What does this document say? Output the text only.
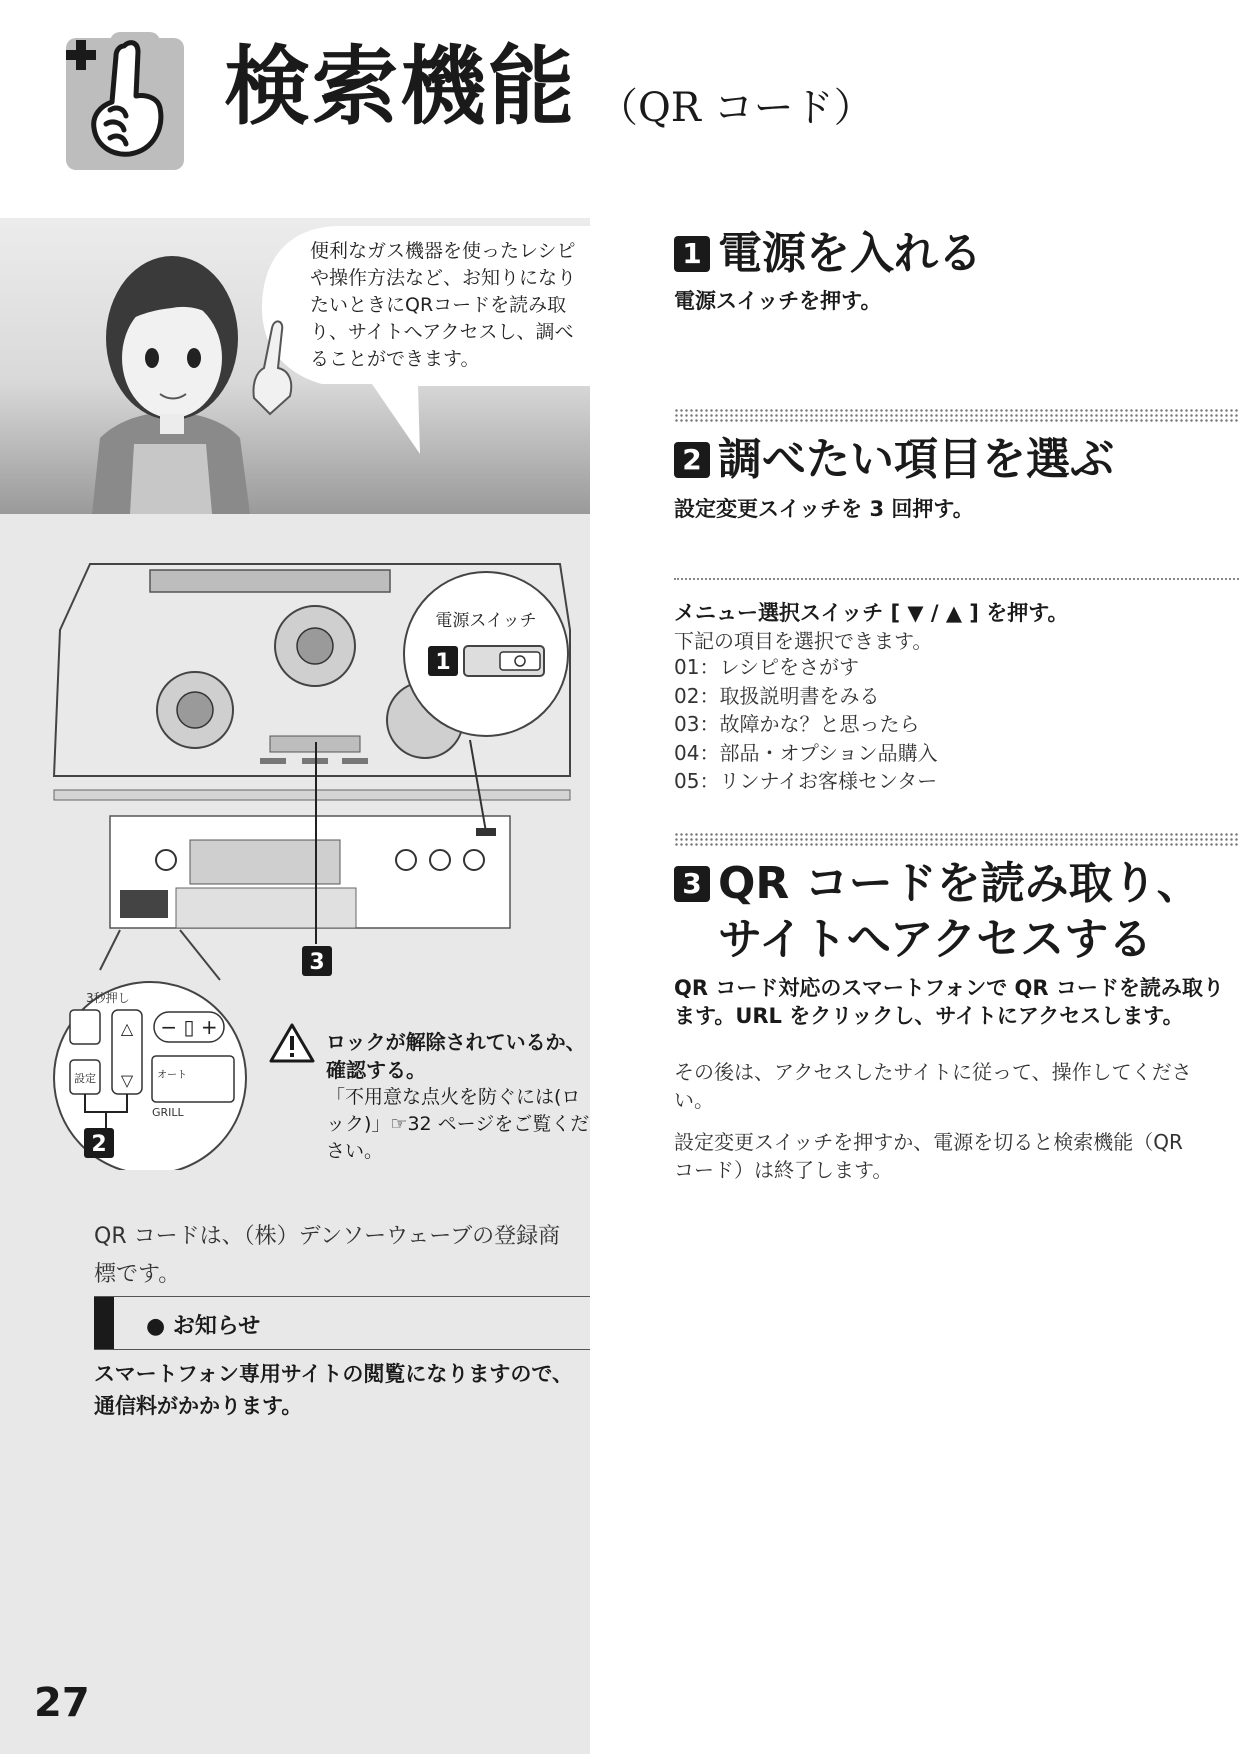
検索機能 （QR コード）
便利なガス機器を使ったレシピや操作方法など、お知りになりたいときにQRコードを読み取り、サイトへアクセスし、調べることができます。
電源スイッチ
1
3
3秒押し
設定
△
▽
− ▯ +
オート
GRILL
2
ロックが解除されているか、確認する。
「不用意な点火を防ぐには(ロック)」☞32 ページをご覧ください。
QR コードは、（株）デンソーウェーブの登録商標です。
● お知らせ
スマートフォン専用サイトの閲覧になりますので、通信料がかかります。
27
1 電源を入れる
電源スイッチを押す。
2 調べたい項目を選ぶ
設定変更スイッチを 3 回押す。
メニュー選択スイッチ [ ▼ / ▲ ] を押す。
下記の項目を選択できます。
01：レシピをさがす
02：取扱説明書をみる
03：故障かな？と思ったら
04：部品・オプション品購入
05：リンナイお客様センター
3 QR コードを読み取り、
サイトへアクセスする
QR コード対応のスマートフォンで QR コードを読み取ります。URL をクリックし、サイトにアクセスします。
その後は、アクセスしたサイトに従って、操作してください。
設定変更スイッチを押すか、電源を切ると検索機能（QRコード）は終了します。
